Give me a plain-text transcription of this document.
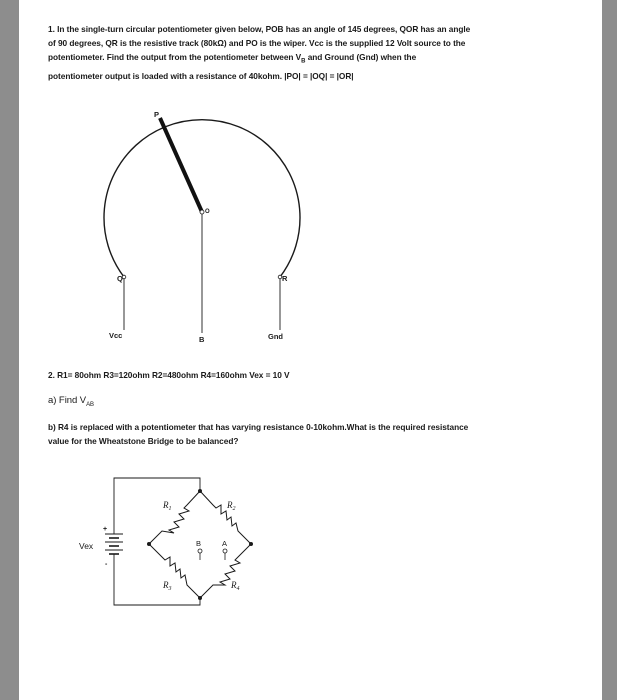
1. In the single-turn circular potentiometer given below, POB has an angle of 145 degrees, QOR has an angle
of 90 degrees, QR is the resistive track (80kΩ) and PO is the wiper. Vcc is the supplied 12 Volt source to the
potentiometer. Find the output from the potentiometer between $V_B$ and Ground (Gnd) when the
potentiometer output is loaded with a resistance of 40kohm. |PO| = |OQ| = |OR|
P
O
Q	R
Vcc	B	Gnd
2. R1= 80ohm R3=120ohm R2=480ohm R4=160ohm Vex = 10 V
a) Find $V_{AB}$
b) R4 is replaced with a potentiometer that has varying resistance 0-10kohm.What is the required resistance
value for the Wheatstone Bridge to be balanced?
Vex
+
-
$R_1$	$R_2$
$R_3$	$R_4$
B	A
